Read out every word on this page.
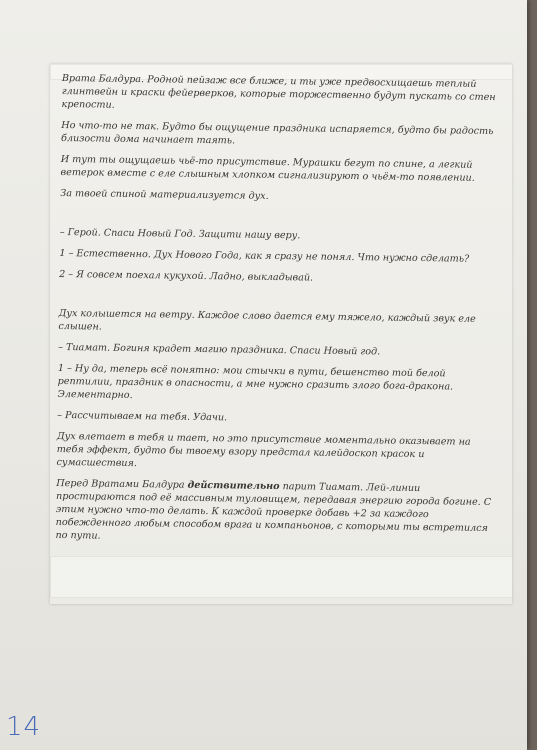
Врата Балдура. Родной пейзаж все ближе, и ты уже предвосхищаешь теплый глинтвейн и краски фейерверков, которые торжественно будут пускать со стен крепости.

Но что-то не так. Будто бы ощущение праздника испаряется, будто бы радость близости дома начинает таять.

И тут ты ощущаешь чьё-то присутствие. Мурашки бегут по спине, а легкий ветерок вместе с еле слышным хлопком сигнализируют о чьём-то появлении.

За твоей спиной материализуется дух.

– Герой. Спаси Новый Год. Защити нашу веру.

1 – Естественно. Дух Нового Года, как я сразу не понял. Что нужно сделать?

2 – Я совсем поехал кукухой. Ладно, выкладывай.

Дух колышется на ветру. Каждое слово дается ему тяжело, каждый звук еле слышен.

– Тиамат. Богиня крадет магию праздника. Спаси Новый год.

1 – Ну да, теперь всё понятно: мои стычки в пути, бешенство той белой рептилии, праздник в опасности, а мне нужно сразить злого бога-дракона. Элементарно.

– Рассчитываем на тебя. Удачи.

Дух влетает в тебя и тает, но это присутствие моментально оказывает на тебя эффект, будто бы твоему взору предстал калейдоскоп красок и сумасшествия.

Перед Вратами Балдура действительно парит Тиамат. Лей-линии простираются под её массивным туловищем, передавая энергию города богине. С этим нужно что-то делать. К каждой проверке добавь +2 за каждого побежденного любым способом врага и компаньонов, с которыми ты встретился по пути.

14
